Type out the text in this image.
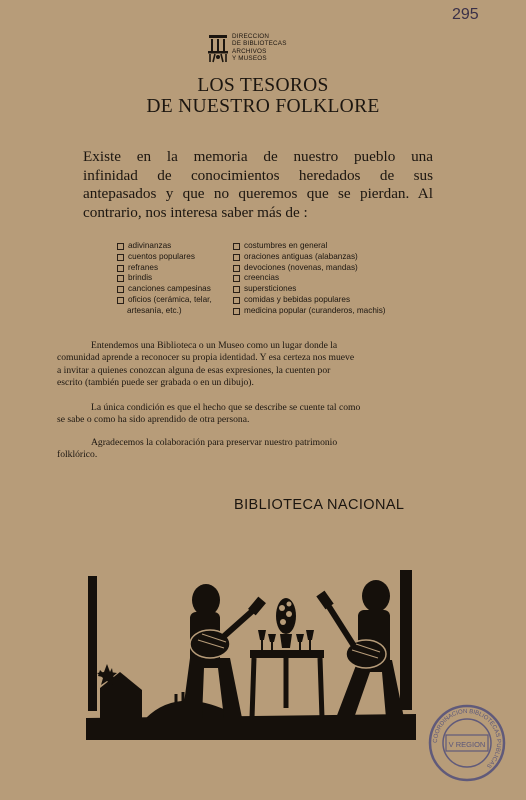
295
DIRECCION
DE BIBLIOTECAS
ARCHIVOS
Y MUSEOS
LOS TESOROS
DE NUESTRO FOLKLORE
Existe en la memoria de nuestro pueblo una
infinidad de conocimientos heredados de sus
antepasados y que no queremos que se pierdan. Al
contrario, nos interesa saber más de :
adivinanzas
cuentos populares
refranes
brindis
canciones campesinas
oficios (cerámica, telar,
artesanía, etc.)
costumbres en general
oraciones antiguas (alabanzas)
devociones (novenas, mandas)
creencias
supersticiones
comidas y bebidas populares
medicina popular (curanderos, machis)
Entendemos una Biblioteca o un Museo como un lugar donde la
comunidad aprende a reconocer su propia identidad. Y esa certeza nos mueve
a invitar a quienes conozcan alguna de esas expresiones, la cuenten por
escrito (también puede ser grabada o en un dibujo).
La única condición es que el hecho que se describe se cuente tal como
se sabe o como ha sido aprendido de otra persona.
Agradecemos la colaboración para preservar nuestro patrimonio
folklórico.
BIBLIOTECA NACIONAL
COORDINACION BIBLIOTECAS PUBLICAS
V REGION
